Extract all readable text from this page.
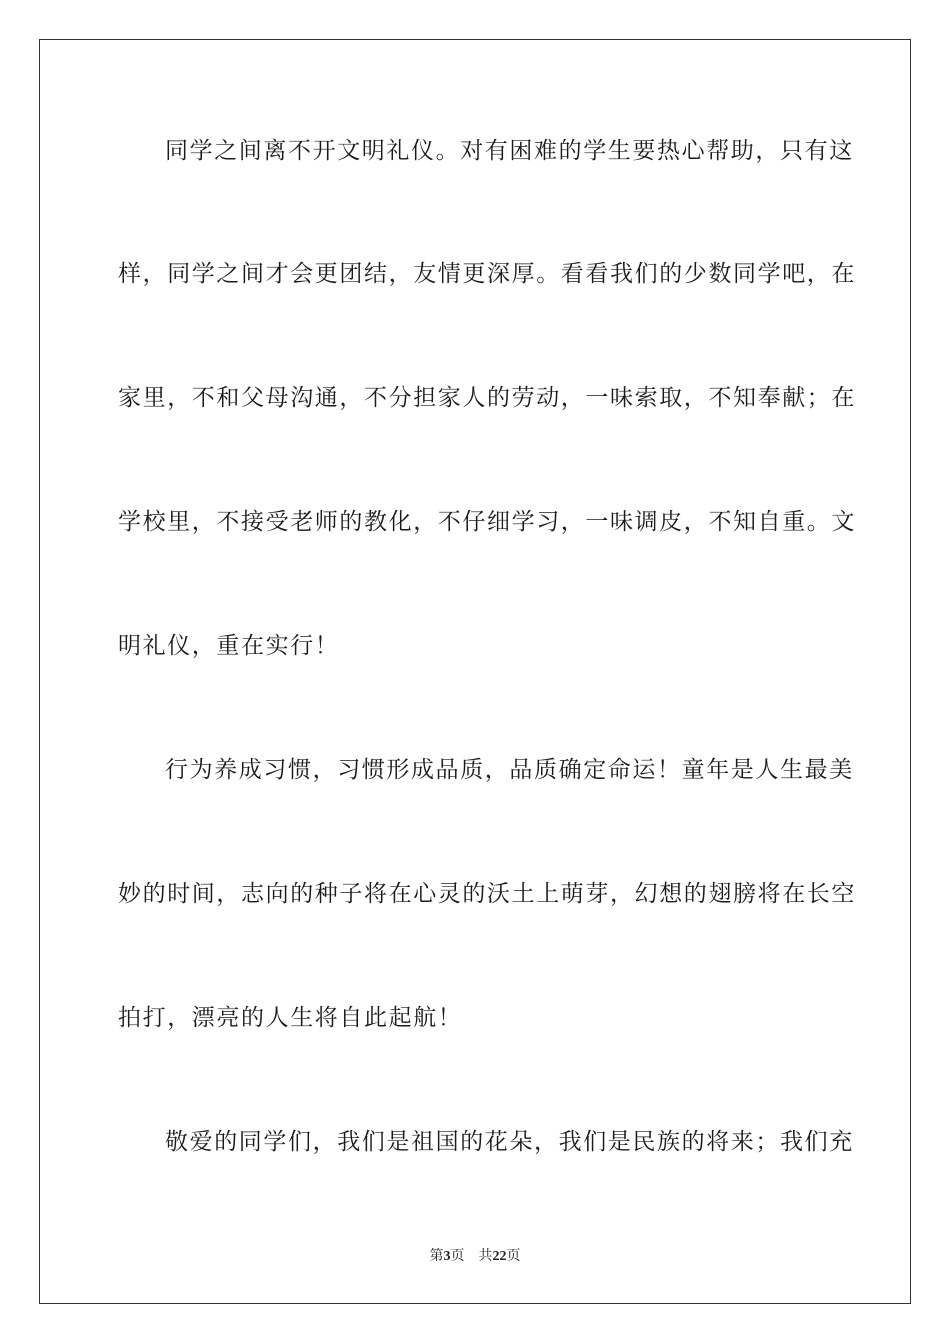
同学之间离不开文明礼仪。对有困难的学生要热心帮助，只有这
样，同学之间才会更团结，友情更深厚。看看我们的少数同学吧，在
家里，不和父母沟通，不分担家人的劳动，一味索取，不知奉献；在
学校里，不接受老师的教化，不仔细学习，一味调皮，不知自重。文
明礼仪，重在实行！
行为养成习惯，习惯形成品质，品质确定命运！童年是人生最美
妙的时间，志向的种子将在心灵的沃土上萌芽，幻想的翅膀将在长空
拍打，漂亮的人生将自此起航！
敬爱的同学们，我们是祖国的花朵，我们是民族的将来；我们充
第3页 共22页
